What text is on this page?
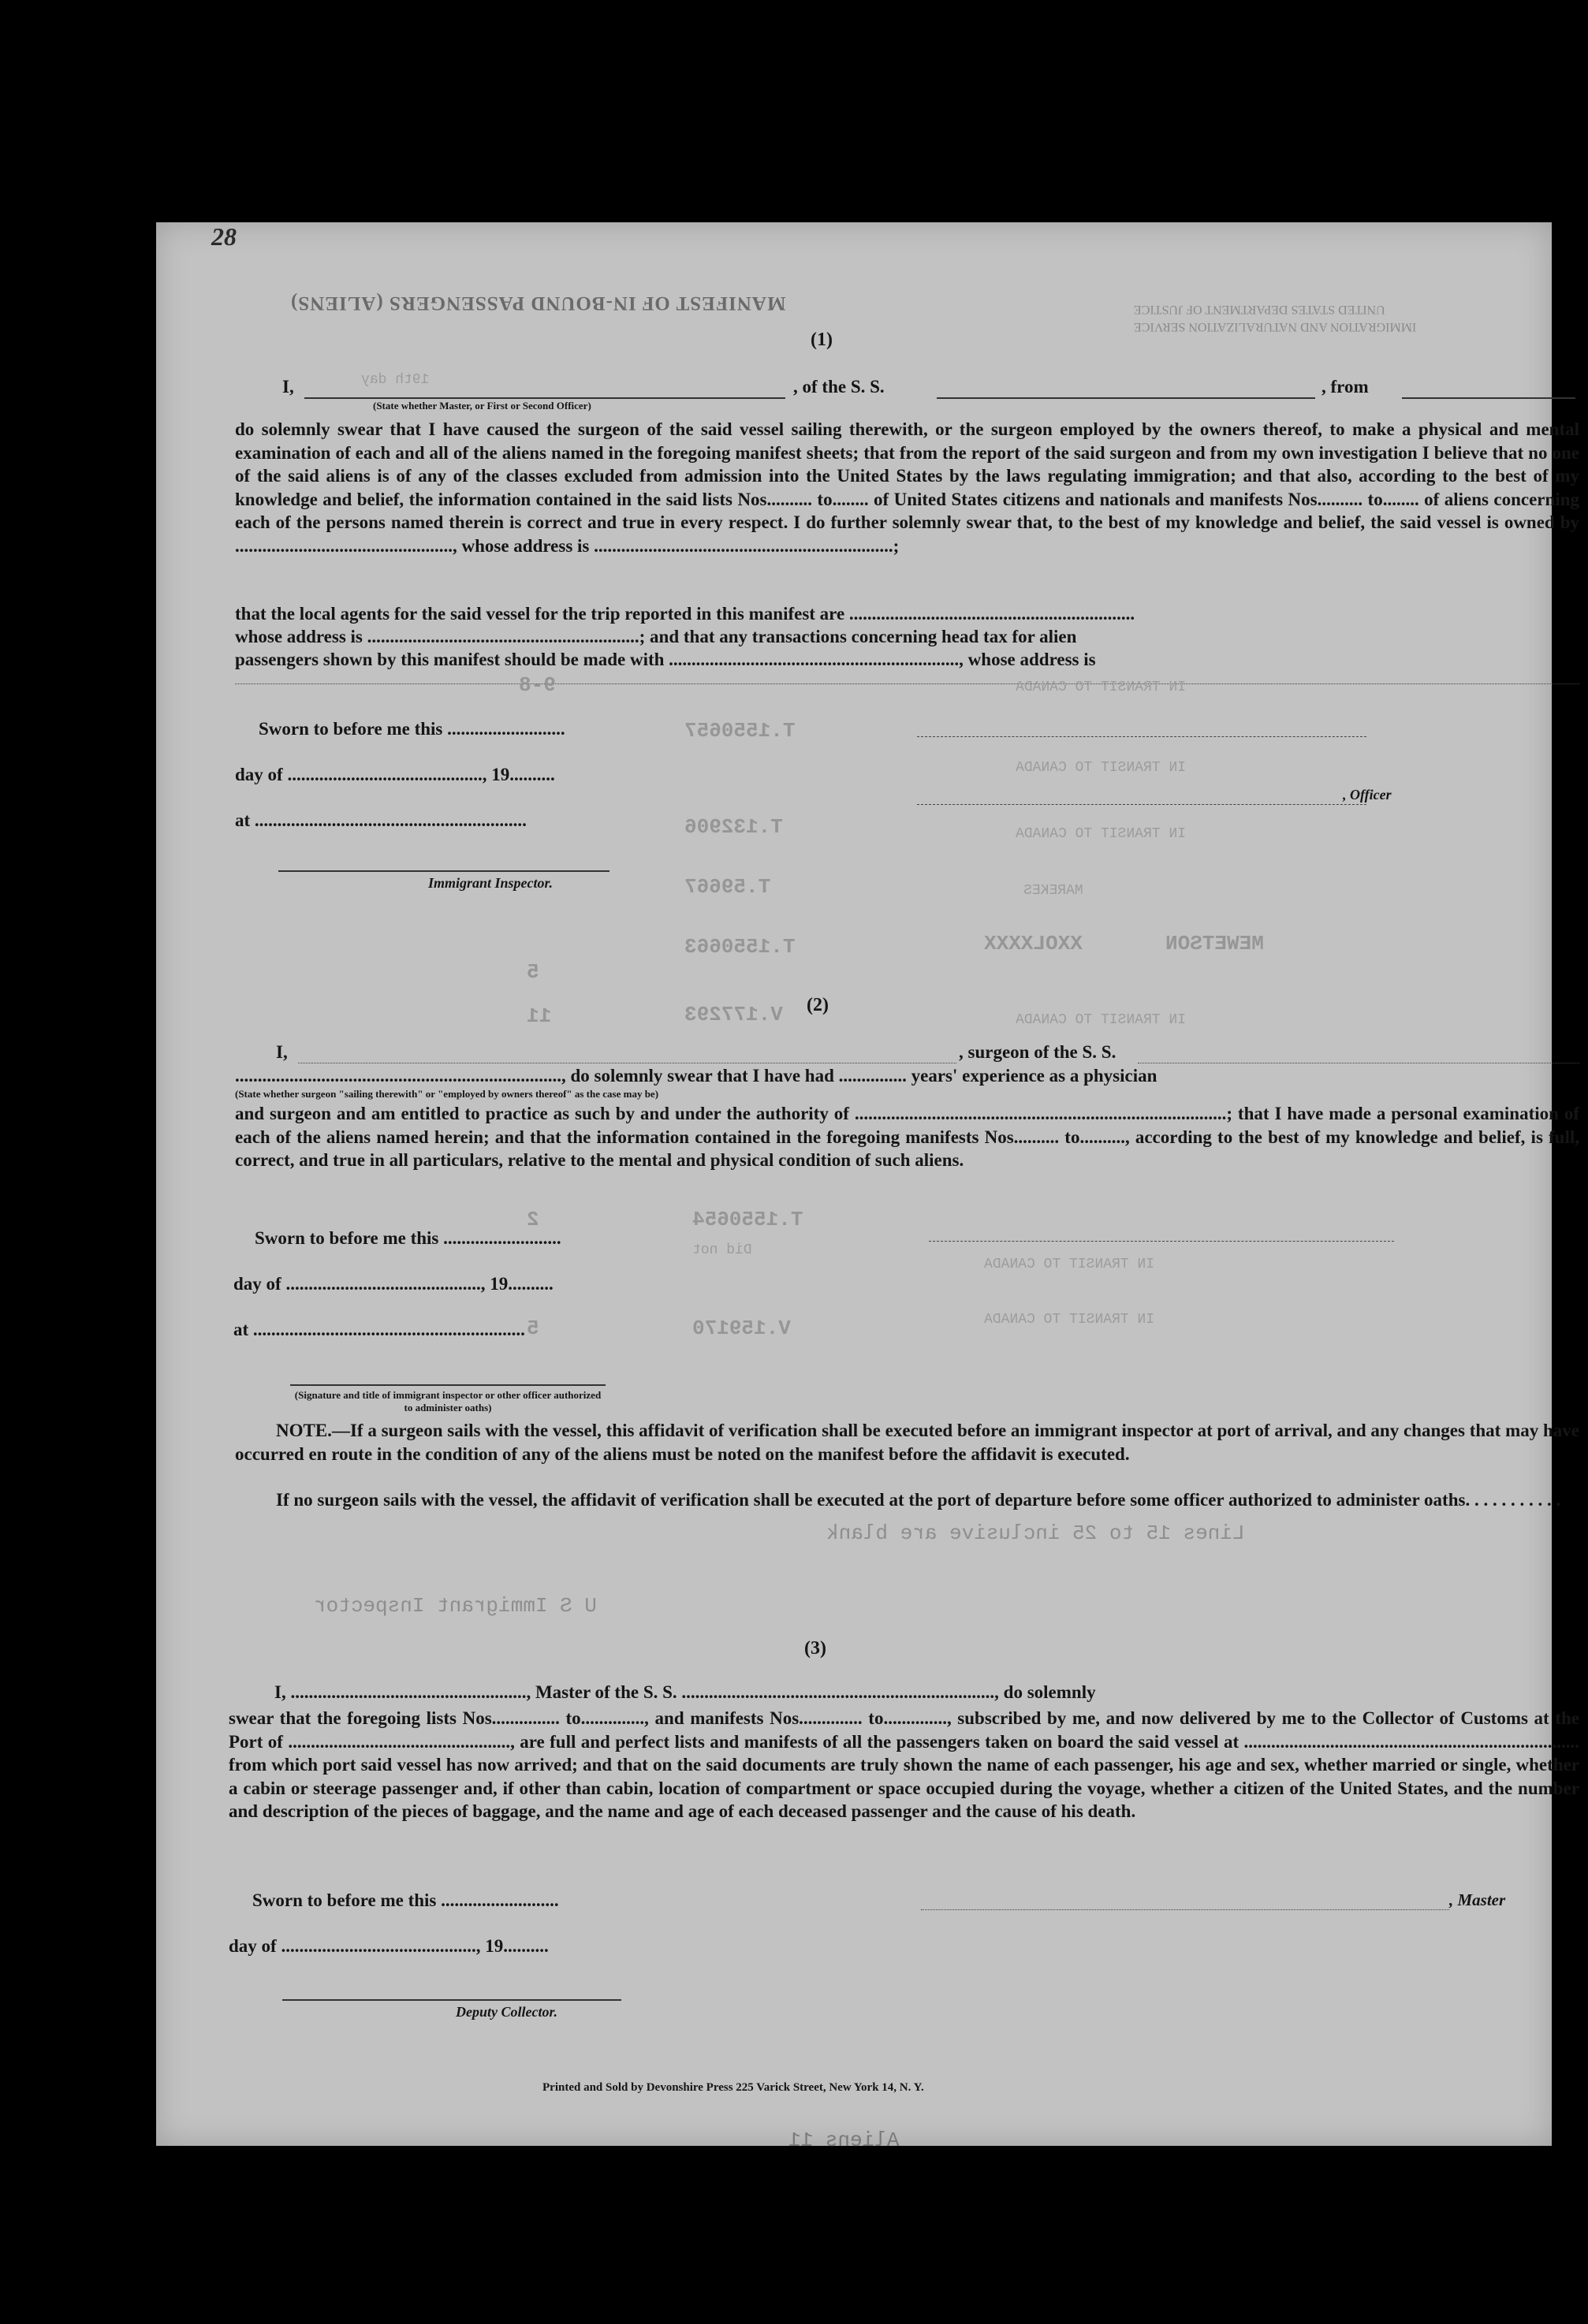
28
MANIFEST OF IN-BOUND PASSENGERS (ALIENS)	UNITED STATES DEPARTMENT OF JUSTICE
IMMIGRATION AND NATURALIZATION SERVICE
19th day
(1)
I,	, of the S. S.	, from
(State whether Master, or First or Second Officer)
do solemnly swear that I have caused the surgeon of the said vessel sailing therewith, or the surgeon employed by the owners thereof, to make a physical and mental examination of each and all of the aliens named in the foregoing manifest sheets; that from the report of the said surgeon and from my own investigation I believe that no one of the said aliens is of any of the classes excluded from admission into the United States by the laws regulating immigration; and that also, according to the best of my knowledge and belief, the information contained in the said lists Nos.......... to........ of United States citizens and nationals and manifests Nos.......... to........ of aliens concerning each of the persons named therein is correct and true in every respect. I do further solemnly swear that, to the best of my knowledge and belief, the said vessel is owned by ................................................, whose address is ..................................................................;
that the local agents for the said vessel for the trip reported in this manifest are ...............................................................
whose address is ............................................................; and that any transactions concerning head tax for alien
passengers shown by this manifest should be made with ................................................................, whose address is
Sworn to before me this ..........................
day of ..........................................., 19..........
at ............................................................
Immigrant Inspector.
, Officer
T.1550657
T.132906
T.59667
T.1550663
V.177293
9-8
5
11
IN TRANSIT TO CANADA
IN TRANSIT TO CANADA
IN TRANSIT TO CANADA
MAREKES
XXOLXXXX	MEWETSON
IN TRANSIT TO CANADA
(2)
I,	, surgeon of the S. S.
........................................................................, do solemnly swear that I have had ............... years' experience as a physician
(State whether surgeon "sailing therewith" or "employed by owners thereof" as the case may be)
and surgeon and am entitled to practice as such by and under the authority of ..................................................................................; that I have made a personal examination of each of the aliens named herein; and that the information contained in the foregoing manifests Nos.......... to.........., according to the best of my knowledge and belief, is full, correct, and true in all particulars, relative to the mental and physical condition of such aliens.
Sworn to before me this ..........................
day of ..........................................., 19..........
at ............................................................
(Signature and title of immigrant inspector or other officer authorized to administer oaths)
T.1550654
V.159170
2
5
Did not
IN TRANSIT TO CANADA
IN TRANSIT TO CANADA
NOTE.—If a surgeon sails with the vessel, this affidavit of verification shall be executed before an immigrant inspector at port of arrival, and any changes that may have occurred en route in the condition of any of the aliens must be noted on the manifest before the affidavit is executed.
If no surgeon sails with the vessel, the affidavit of verification shall be executed at the port of departure before some officer authorized to administer oaths. . . . . . . . . . .
Lines 15 to 25 inclusive are blank
U S Immigrant Inspector
(3)
I, ...................................................., Master of the S. S. ....................................................................., do solemnly
swear that the foregoing lists Nos............... to.............., and manifests Nos.............. to.............., subscribed by me, and now delivered by me to the Collector of Customs at the Port of ................................................., are full and perfect lists and manifests of all the passengers taken on board the said vessel at .......................................................................... from which port said vessel has now arrived; and that on the said documents are truly shown the name of each passenger, his age and sex, whether married or single, whether a cabin or steerage passenger and, if other than cabin, location of compartment or space occupied during the voyage, whether a citizen of the United States, and the number and description of the pieces of baggage, and the name and age of each deceased passenger and the cause of his death.
Sworn to before me this ..........................
day of ..........................................., 19..........
, Master
Deputy Collector.
Printed and Sold by Devonshire Press 225 Varick Street, New York 14, N. Y.
Aliens 11
